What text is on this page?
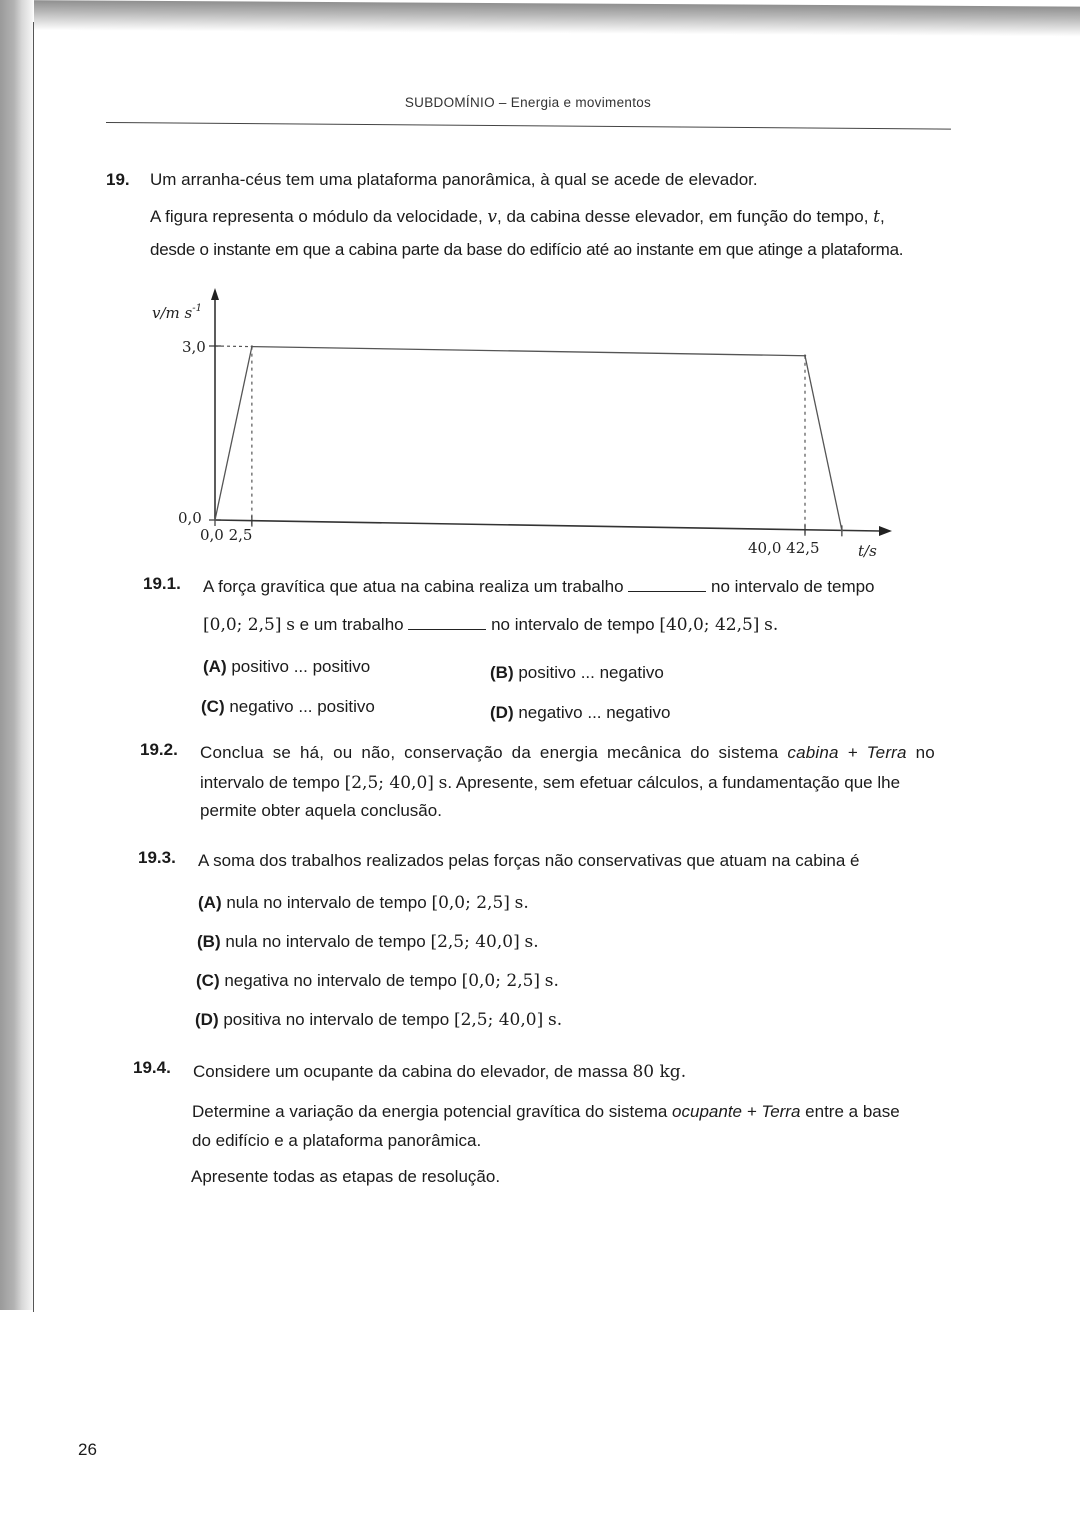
SUBDOMÍNIO – Energia e movimentos
19. Um arranha-céus tem uma plataforma panorâmica, à qual se acede de elevador.
A figura representa o módulo da velocidade, v, da cabina desse elevador, em função do tempo, t,
desde o instante em que a cabina parte da base do edifício até ao instante em que atinge a plataforma.
v/m $s^{-1}$
3,0
0,0
0,0 2,5
40,0 42,5	t/s
19.1. A força gravítica que atua na cabina realiza um trabalho	no intervalo de tempo
[0,0; 2,5] s e um trabalho	no intervalo de tempo [40,0; 42,5] s.
(A) positivo ... positivo	(B) positivo ... negativo
(C) negativo ... positivo	(D) negativo ... negativo
19.2. Conclua se há, ou não, conservação da energia mecânica do sistema cabina + Terra no
intervalo de tempo [2,5; 40,0] s. Apresente, sem efetuar cálculos, a fundamentação que lhe
permite obter aquela conclusão.
19.3. A soma dos trabalhos realizados pelas forças não conservativas que atuam na cabina é
(A) nula no intervalo de tempo [0,0; 2,5] s.
(B) nula no intervalo de tempo [2,5; 40,0] s.
(C) negativa no intervalo de tempo [0,0; 2,5] s.
(D) positiva no intervalo de tempo [2,5; 40,0] s.
19.4. Considere um ocupante da cabina do elevador, de massa 80 kg.
Determine a variação da energia potencial gravítica do sistema ocupante + Terra entre a base
do edifício e a plataforma panorâmica.
Apresente todas as etapas de resolução.
26
